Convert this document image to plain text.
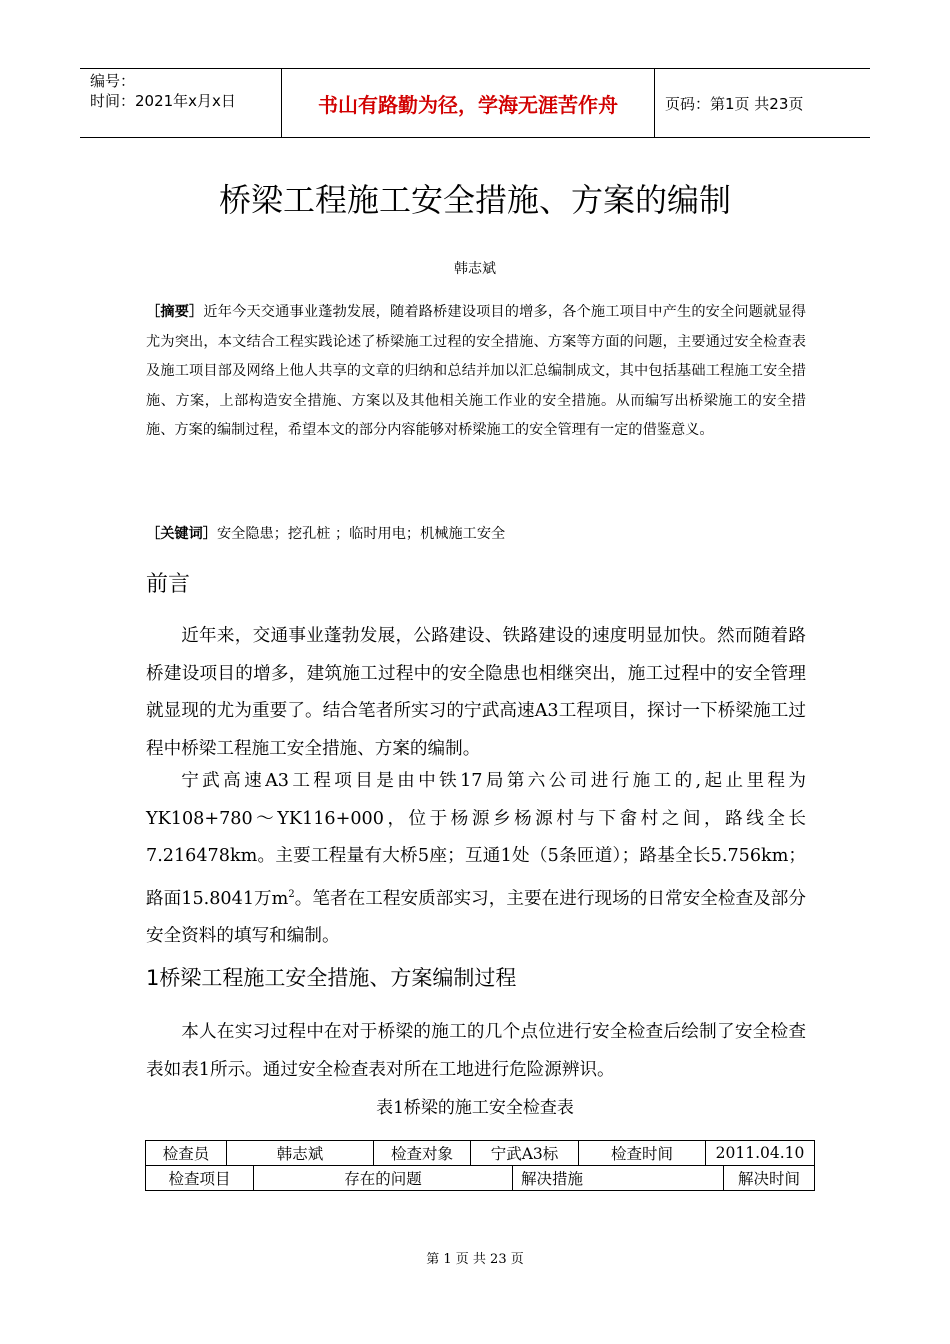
编号：
时间：2021年x月x日	书山有路勤为径，学海无涯苦作舟	页码：第1页 共23页
桥梁工程施工安全措施、方案的编制
韩志斌
［摘要］近年今天交通事业蓬勃发展，随着路桥建设项目的增多，各个施工项目中产生的安全问题就显得尤为突出，本文结合工程实践论述了桥梁施工过程的安全措施、方案等方面的问题，主要通过安全检查表及施工项目部及网络上他人共享的文章的归纳和总结并加以汇总编制成文，其中包括基础工程施工安全措施、方案，上部构造安全措施、方案以及其他相关施工作业的安全措施。从而编写出桥梁施工的安全措施、方案的编制过程，希望本文的部分内容能够对桥梁施工的安全管理有一定的借鉴意义。
［关键词］安全隐患；挖孔桩 ；临时用电；机械施工安全
前言
近年来，交通事业蓬勃发展，公路建设、铁路建设的速度明显加快。然而随着路桥建设项目的增多，建筑施工过程中的安全隐患也相继突出，施工过程中的安全管理就显现的尤为重要了。结合笔者所实习的宁武高速A3工程项目，探讨一下桥梁施工过程中桥梁工程施工安全措施、方案的编制。
宁武高速A3工程项目是由中铁17局第六公司进行施工的,起止里程为YK108+780～YK116+000，位于杨源乡杨源村与下畲村之间，路线全长7.216478km。主要工程量有大桥5座；互通1处（5条匝道）；路基全长5.756km；路面15.8041万$m^2$。笔者在工程安质部实习，主要在进行现场的日常安全检查及部分安全资料的填写和编制。
1桥梁工程施工安全措施、方案编制过程
本人在实习过程中在对于桥梁的施工的几个点位进行安全检查后绘制了安全检查表如表1所示。通过安全检查表对所在工地进行危险源辨识。
表1桥梁的施工安全检查表
检查员	韩志斌	检查对象	宁武A3标	检查时间	2011.04.10
检查项目	存在的问题	解决措施	解决时间
第 1 页 共 23 页
